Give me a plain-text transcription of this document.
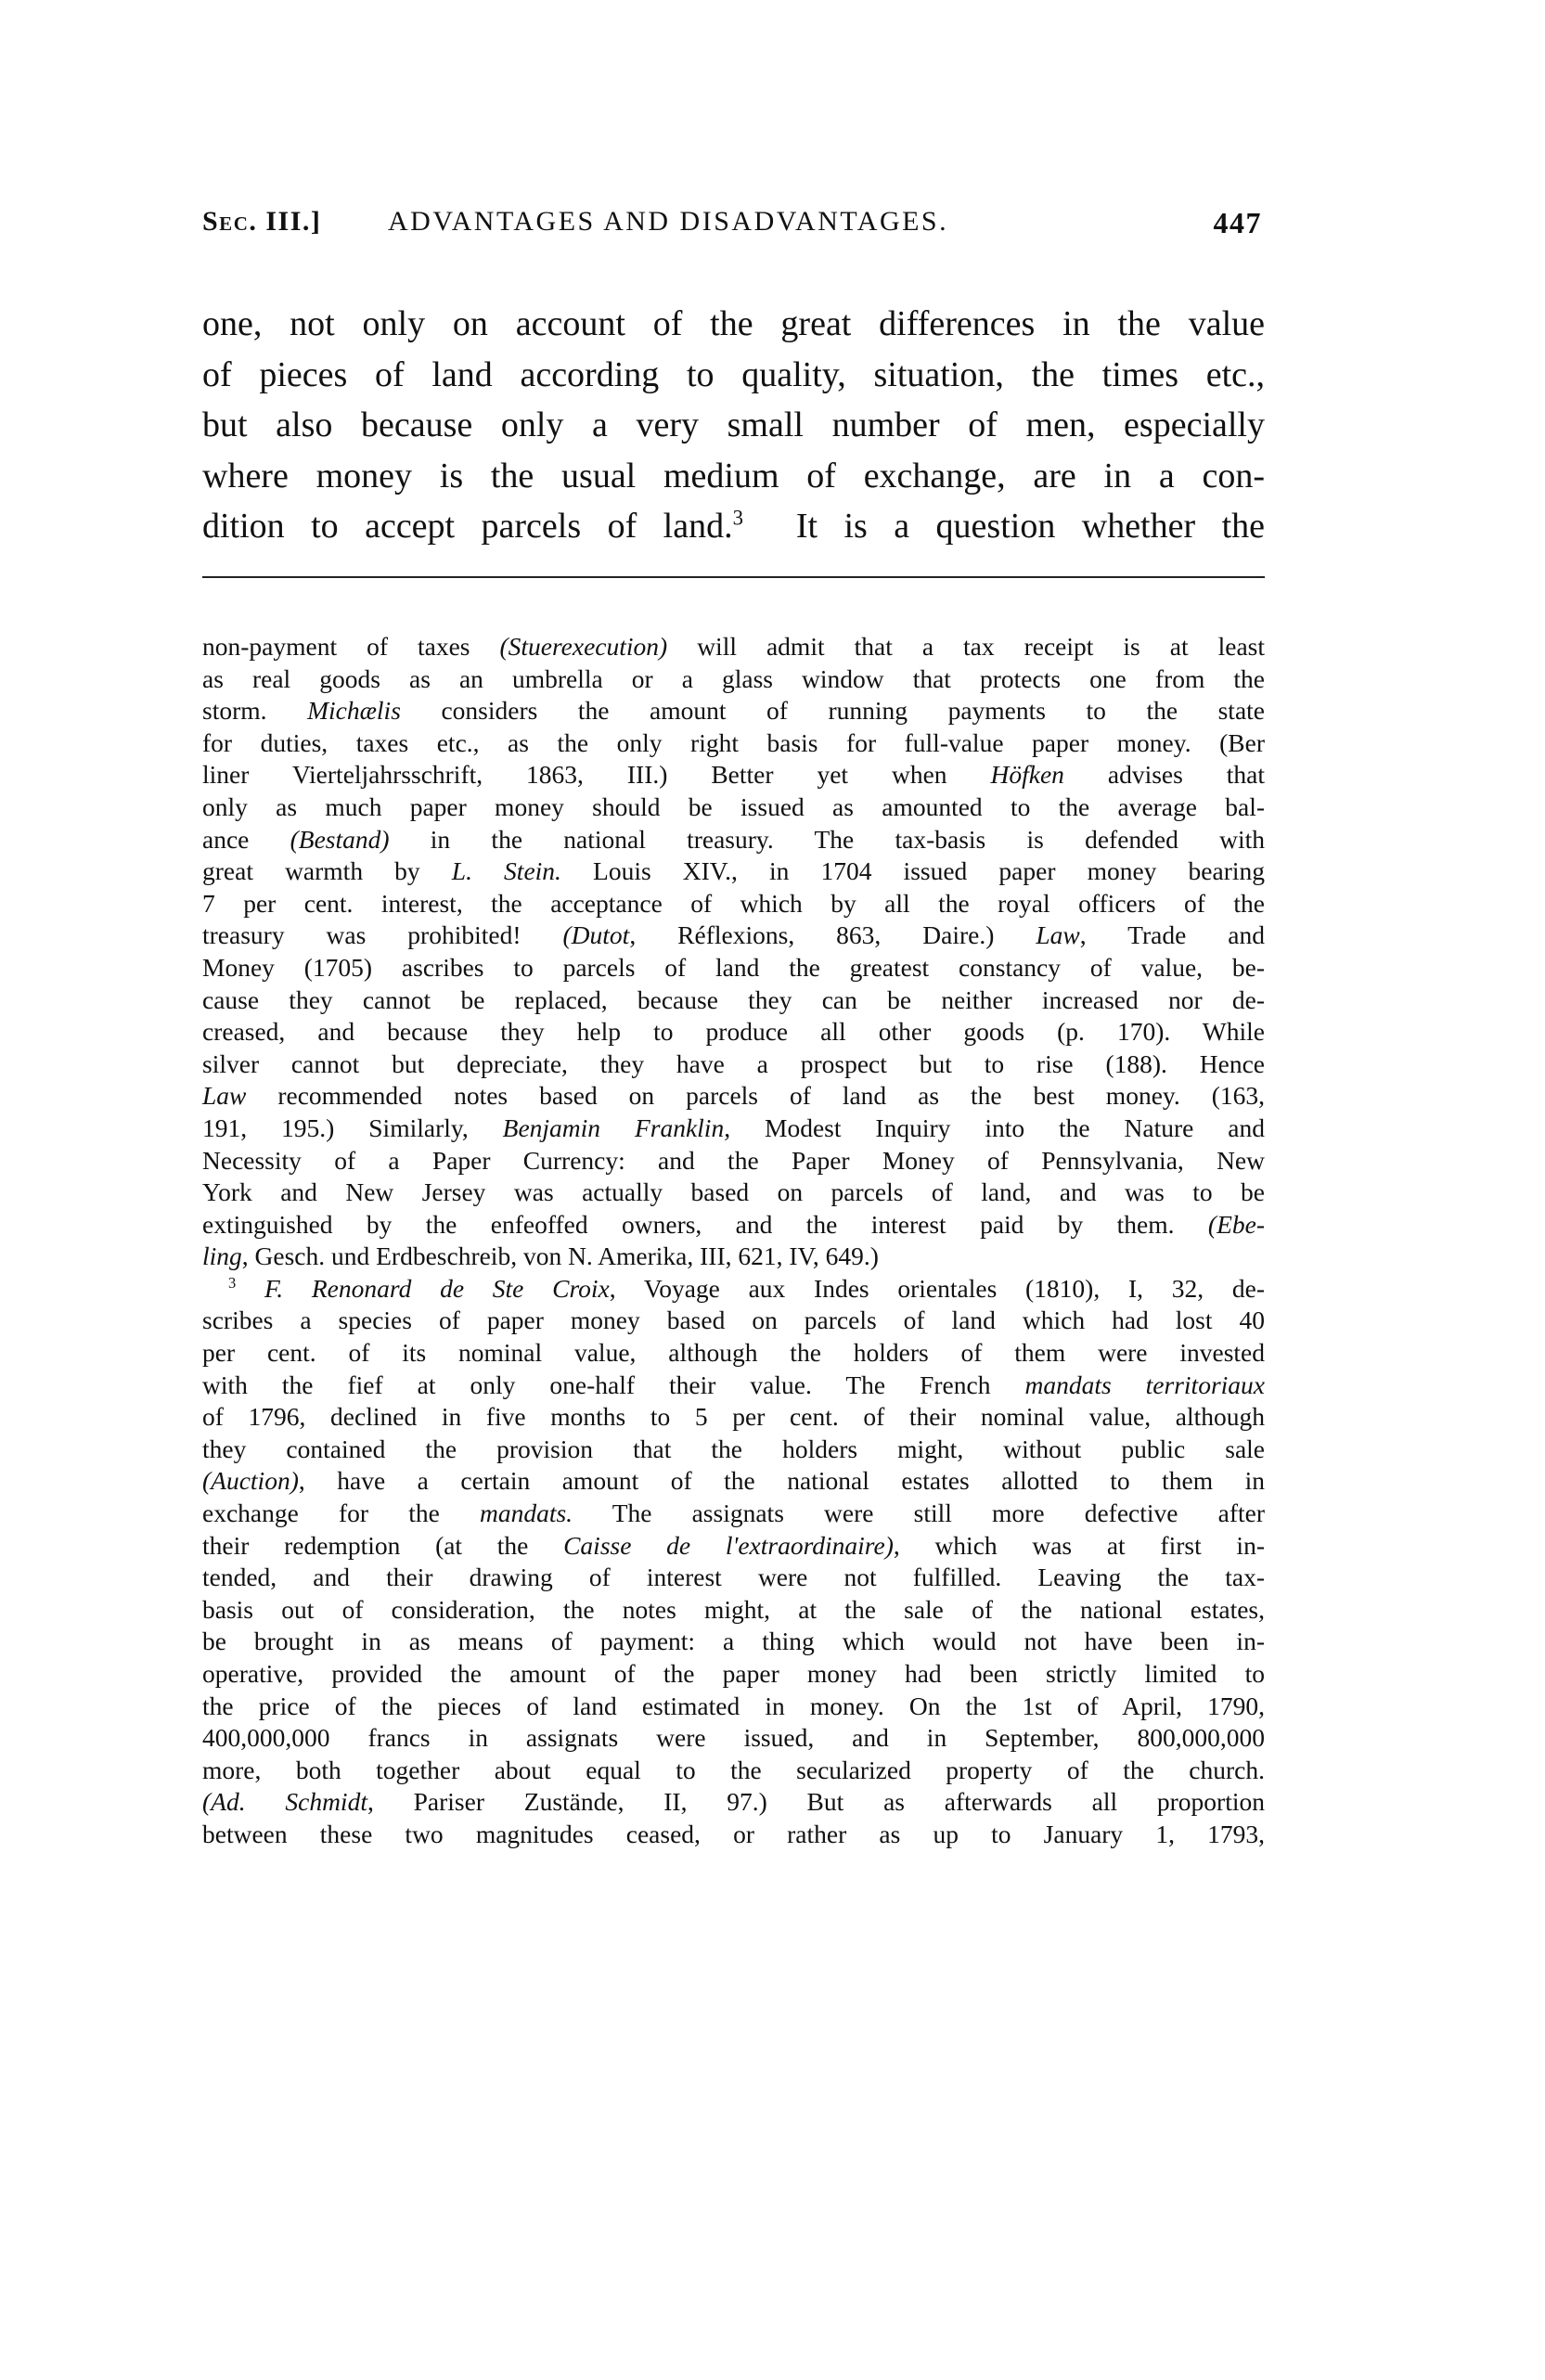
Sec. III.] ADVANTAGES AND DISADVANTAGES.	447
one, not only on account of the great differences in the value
of pieces of land according to quality, situation, the times etc.,
but also because only a very small number of men, especially
where money is the usual medium of exchange, are in a con-
dition to accept parcels of land.$^3$ It is a question whether the
non-payment of taxes (Stuerexecution) will admit that a tax receipt is at least
as real goods as an umbrella or a glass window that protects one from the
storm. Michælis considers the amount of running payments to the state
for duties, taxes etc., as the only right basis for full-value paper money. (Ber
liner Vierteljahrsschrift, 1863, III.) Better yet when Höfken advises that
only as much paper money should be issued as amounted to the average bal-
ance (Bestand) in the national treasury. The tax-basis is defended with
great warmth by L. Stein. Louis XIV., in 1704 issued paper money bearing
7 per cent. interest, the acceptance of which by all the royal officers of the
treasury was prohibited! (Dutot, Réflexions, 863, Daire.) Law, Trade and
Money (1705) ascribes to parcels of land the greatest constancy of value, be-
cause they cannot be replaced, because they can be neither increased nor de-
creased, and because they help to produce all other goods (p. 170). While
silver cannot but depreciate, they have a prospect but to rise (188). Hence
Law recommended notes based on parcels of land as the best money. (163,
191, 195.) Similarly, Benjamin Franklin, Modest Inquiry into the Nature and
Necessity of a Paper Currency: and the Paper Money of Pennsylvania, New
York and New Jersey was actually based on parcels of land, and was to be
extinguished by the enfeoffed owners, and the interest paid by them. (Ebe-
ling, Gesch. und Erdbeschreib, von N. Amerika, III, 621, IV, 649.)
$^3$ F. Renonard de Ste Croix, Voyage aux Indes orientales (1810), I, 32, de-
scribes a species of paper money based on parcels of land which had lost 40
per cent. of its nominal value, although the holders of them were invested
with the fief at only one-half their value. The French mandats territoriaux
of 1796, declined in five months to 5 per cent. of their nominal value, although
they contained the provision that the holders might, without public sale
(Auction), have a certain amount of the national estates allotted to them in
exchange for the mandats. The assignats were still more defective after
their redemption (at the Caisse de l'extraordinaire), which was at first in-
tended, and their drawing of interest were not fulfilled. Leaving the tax-
basis out of consideration, the notes might, at the sale of the national estates,
be brought in as means of payment: a thing which would not have been in-
operative, provided the amount of the paper money had been strictly limited to
the price of the pieces of land estimated in money. On the 1st of April, 1790,
400,000,000 francs in assignats were issued, and in September, 800,000,000
more, both together about equal to the secularized property of the church.
(Ad. Schmidt, Pariser Zustände, II, 97.) But as afterwards all proportion
between these two magnitudes ceased, or rather as up to January 1, 1793,
